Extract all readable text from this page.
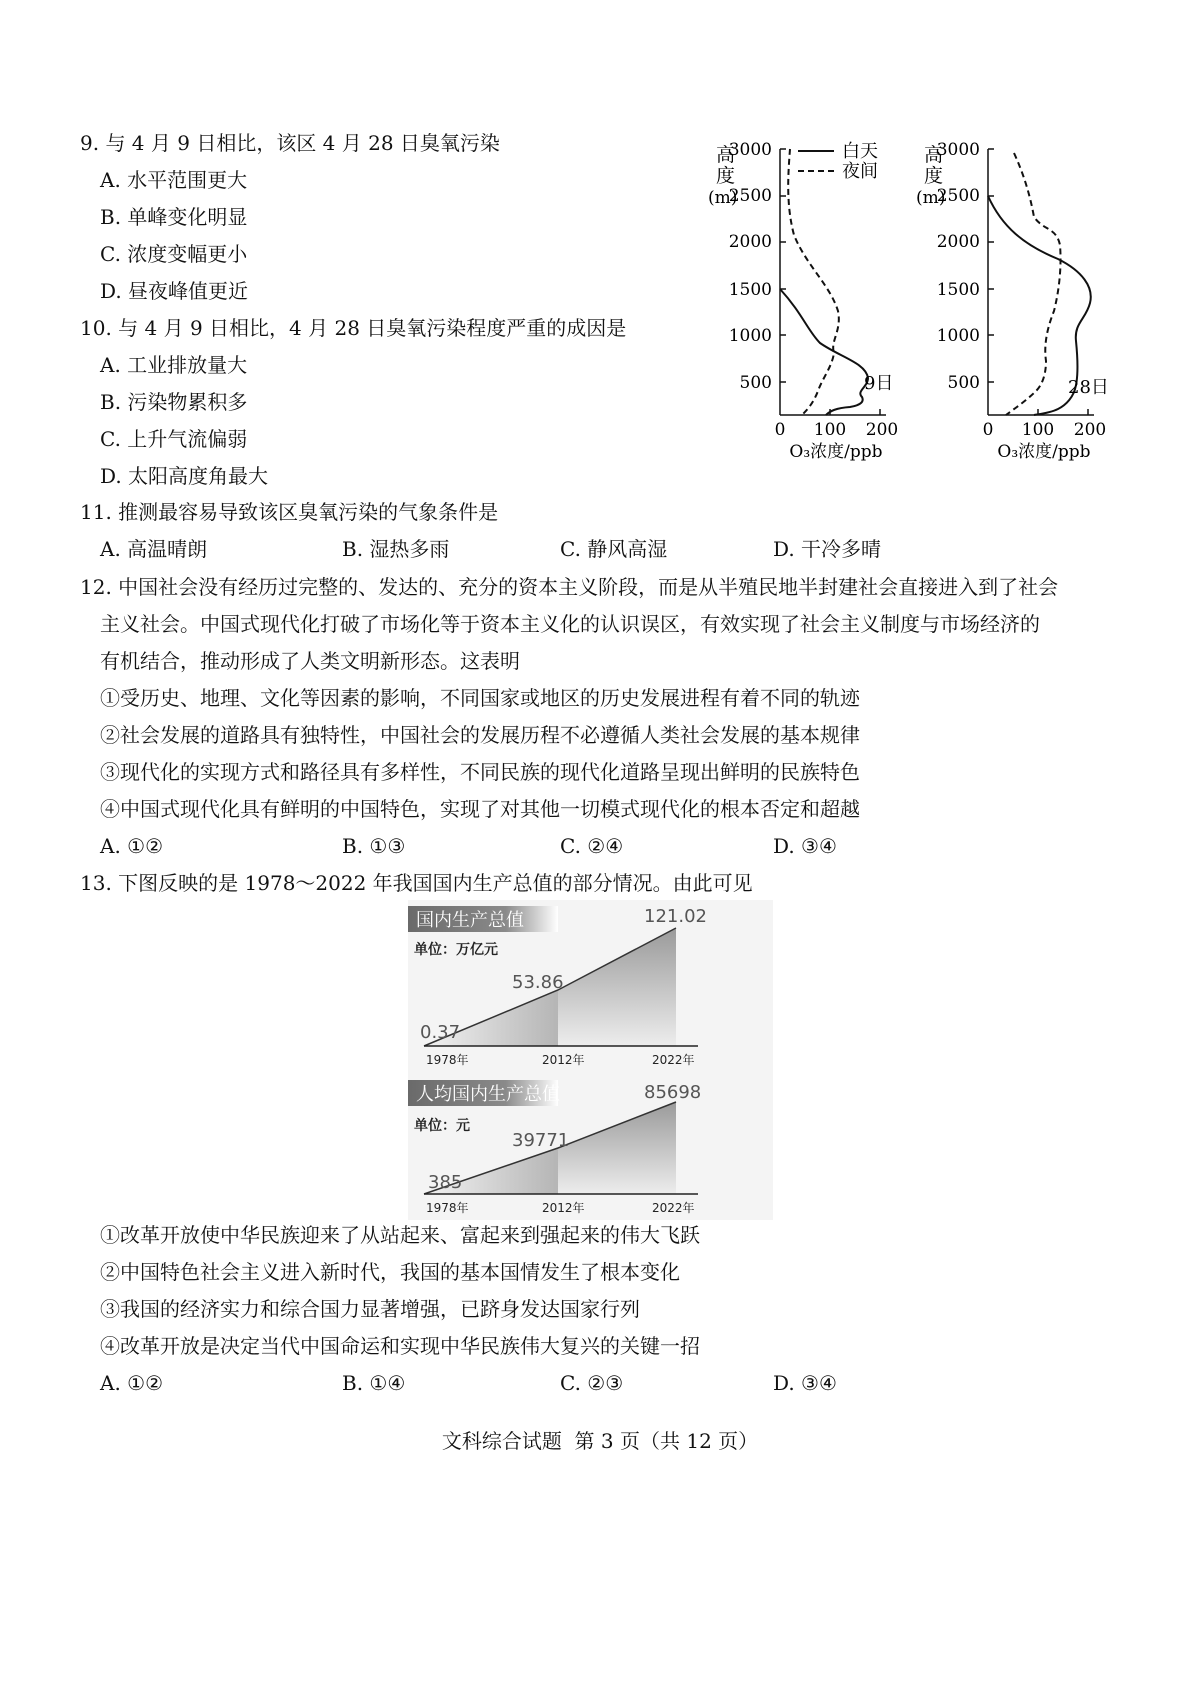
9. 与 4 月 9 日相比，该区 4 月 28 日臭氧污染
A. 水平范围更大
B. 单峰变化明显
C. 浓度变幅更小
D. 昼夜峰值更近
10. 与 4 月 9 日相比，4 月 28 日臭氧污染程度严重的成因是
A. 工业排放量大
B. 污染物累积多
C. 上升气流偏弱
D. 太阳高度角最大
11. 推测最容易导致该区臭氧污染的气象条件是
A. 高温晴朗	B. 湿热多雨	C. 静风高湿	D. 干冷多晴
12. 中国社会没有经历过完整的、发达的、充分的资本主义阶段，而是从半殖民地半封建社会直接进入到了社会
主义社会。中国式现代化打破了市场化等于资本主义化的认识误区，有效实现了社会主义制度与市场经济的
有机结合，推动形成了人类文明新形态。这表明
①受历史、地理、文化等因素的影响，不同国家或地区的历史发展进程有着不同的轨迹
②社会发展的道路具有独特性，中国社会的发展历程不必遵循人类社会发展的基本规律
③现代化的实现方式和路径具有多样性，不同民族的现代化道路呈现出鲜明的民族特色
④中国式现代化具有鲜明的中国特色，实现了对其他一切模式现代化的根本否定和超越
A. ①②	B. ①③	C. ②④	D. ③④
13. 下图反映的是 1978～2022 年我国国内生产总值的部分情况。由此可见
高
度
(m)
500
1000
1500
2000
2500
3000
0 100 200
O₃浓度/ppb
9日
白天
夜间
高
度
(m)
500
1000
1500
2000
2500
3000
0 100 200
O₃浓度/ppb
28日
国内生产总值
单位：万亿元
0.37
53.86
121.02
1978年	2012年	2022年
人均国内生产总值
单位：元
385
39771
85698
1978年	2012年	2022年
①改革开放使中华民族迎来了从站起来、富起来到强起来的伟大飞跃
②中国特色社会主义进入新时代，我国的基本国情发生了根本变化
③我国的经济实力和综合国力显著增强，已跻身发达国家行列
④改革开放是决定当代中国命运和实现中华民族伟大复兴的关键一招
A. ①②	B. ①④	C. ②③	D. ③④
文科综合试题  第 3 页（共 12 页）
